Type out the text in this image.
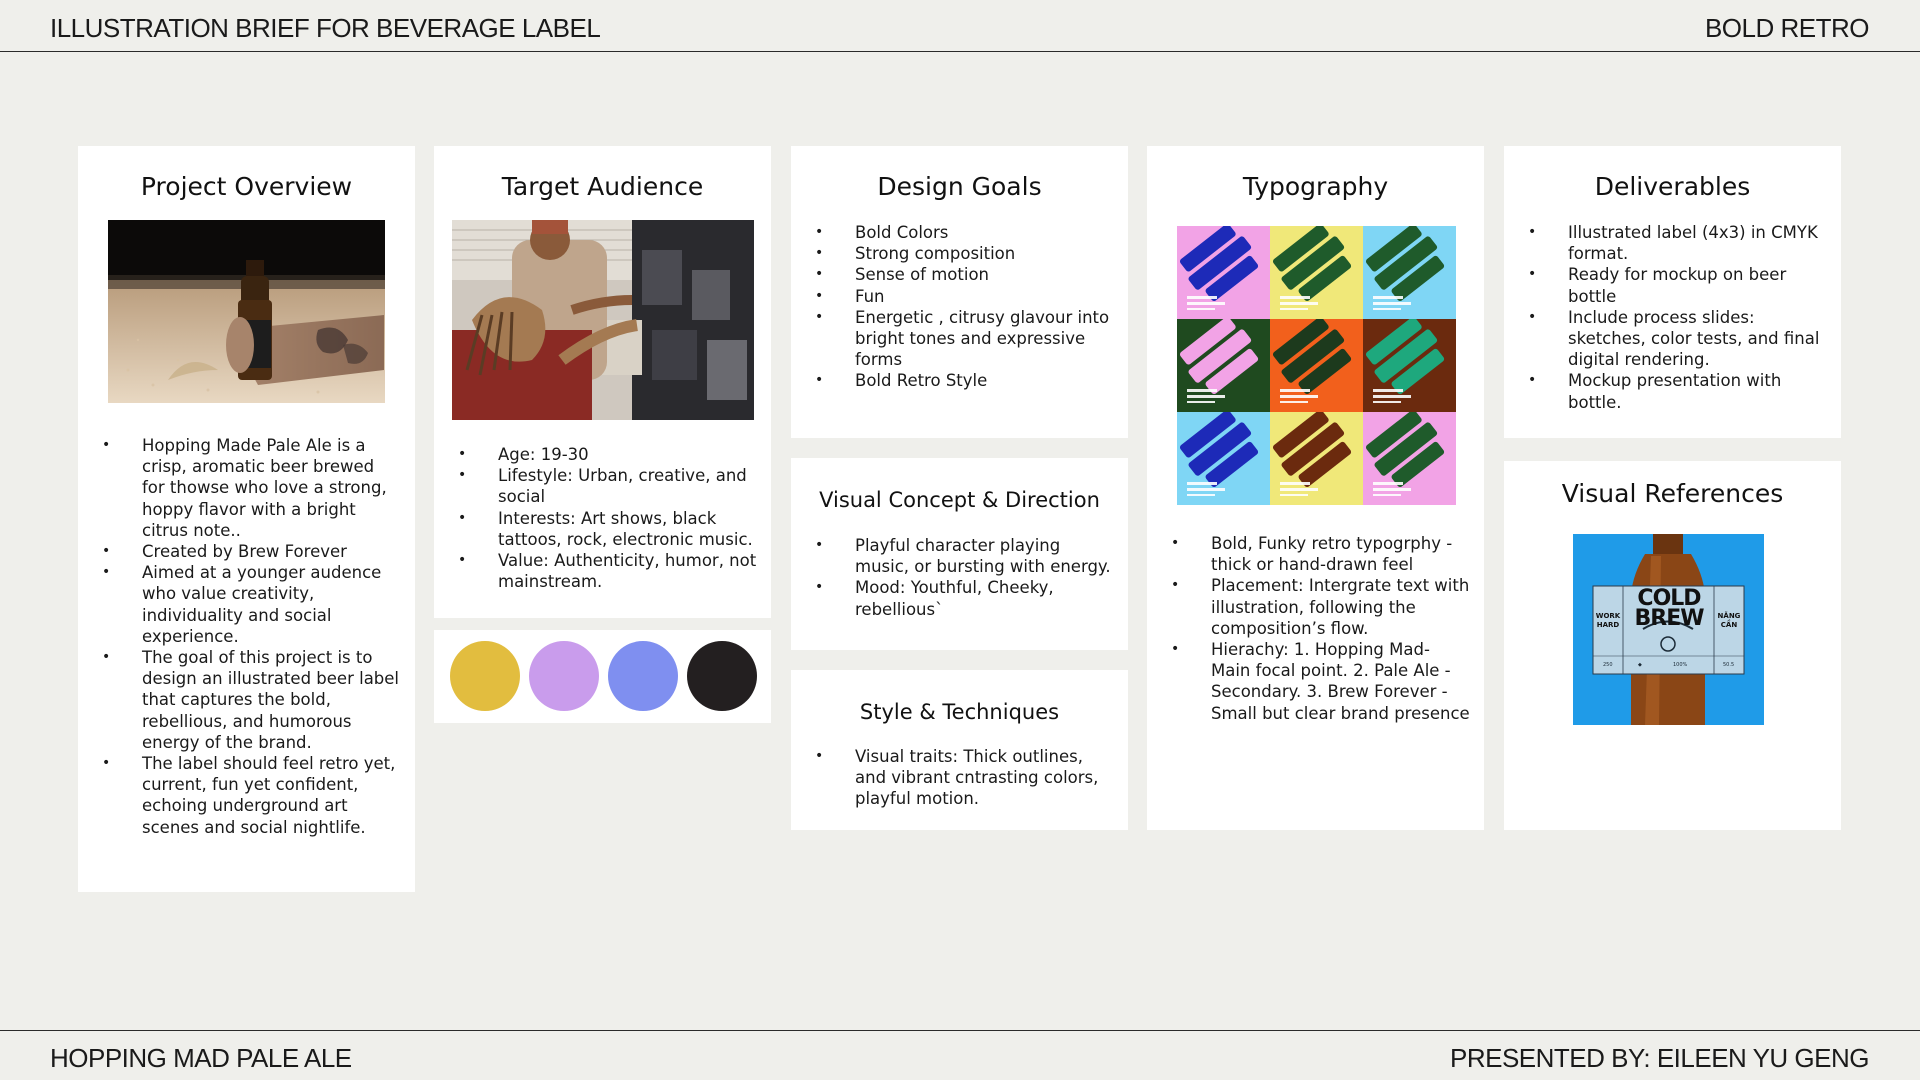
ILLUSTRATION BRIEF FOR BEVERAGE LABEL	BOLD RETRO
Project Overview
• Hopping Made Pale Ale is a crisp, aromatic beer brewed for thowse who love a strong, hoppy flavor with a bright citrus note..
• Created by Brew Forever
• Aimed at a younger audence who value creativity, individuality and social experience.
• The goal of this project is to design an illustrated beer label that captures the bold, rebellious, and humorous energy of the brand.
• The label should feel retro yet, current, fun yet confident, echoing underground art scenes and social nightlife.
Target Audience
• Age: 19-30
• Lifestyle: Urban, creative, and social
• Interests: Art shows, black tattoos, rock, electronic music.
• Value: Authenticity, humor, not mainstream.
Design Goals
• Bold Colors
• Strong composition
• Sense of motion
• Fun
• Energetic , citrusy glavour into bright tones and expressive forms
• Bold Retro Style
Visual Concept & Direction
• Playful character playing music, or bursting with energy.
• Mood: Youthful, Cheeky, rebellious`
Style & Techniques
• Visual traits: Thick outlines, and vibrant cntrasting colors, playful motion.
Typography
• Bold, Funky retro typogrphy - thick or hand-drawn feel
• Placement: Intergrate text with illustration, following the composition’s flow.
• Hierachy: 1. Hopping Mad- Main focal point. 2. Pale Ale - Secondary. 3. Brew Forever - Small but clear brand presence
Deliverables
• Illustrated label (4x3) in CMYK format.
• Ready for mockup on beer bottle
• Include process slides: sketches, color tests, and final digital rendering.
• Mockup presentation with bottle.
Visual References
250	◆	100%	50.5
COLD BREW
WORK HARD
NĂNG CẦN
HOPPING MAD PALE ALE	PRESENTED BY: EILEEN YU GENG
